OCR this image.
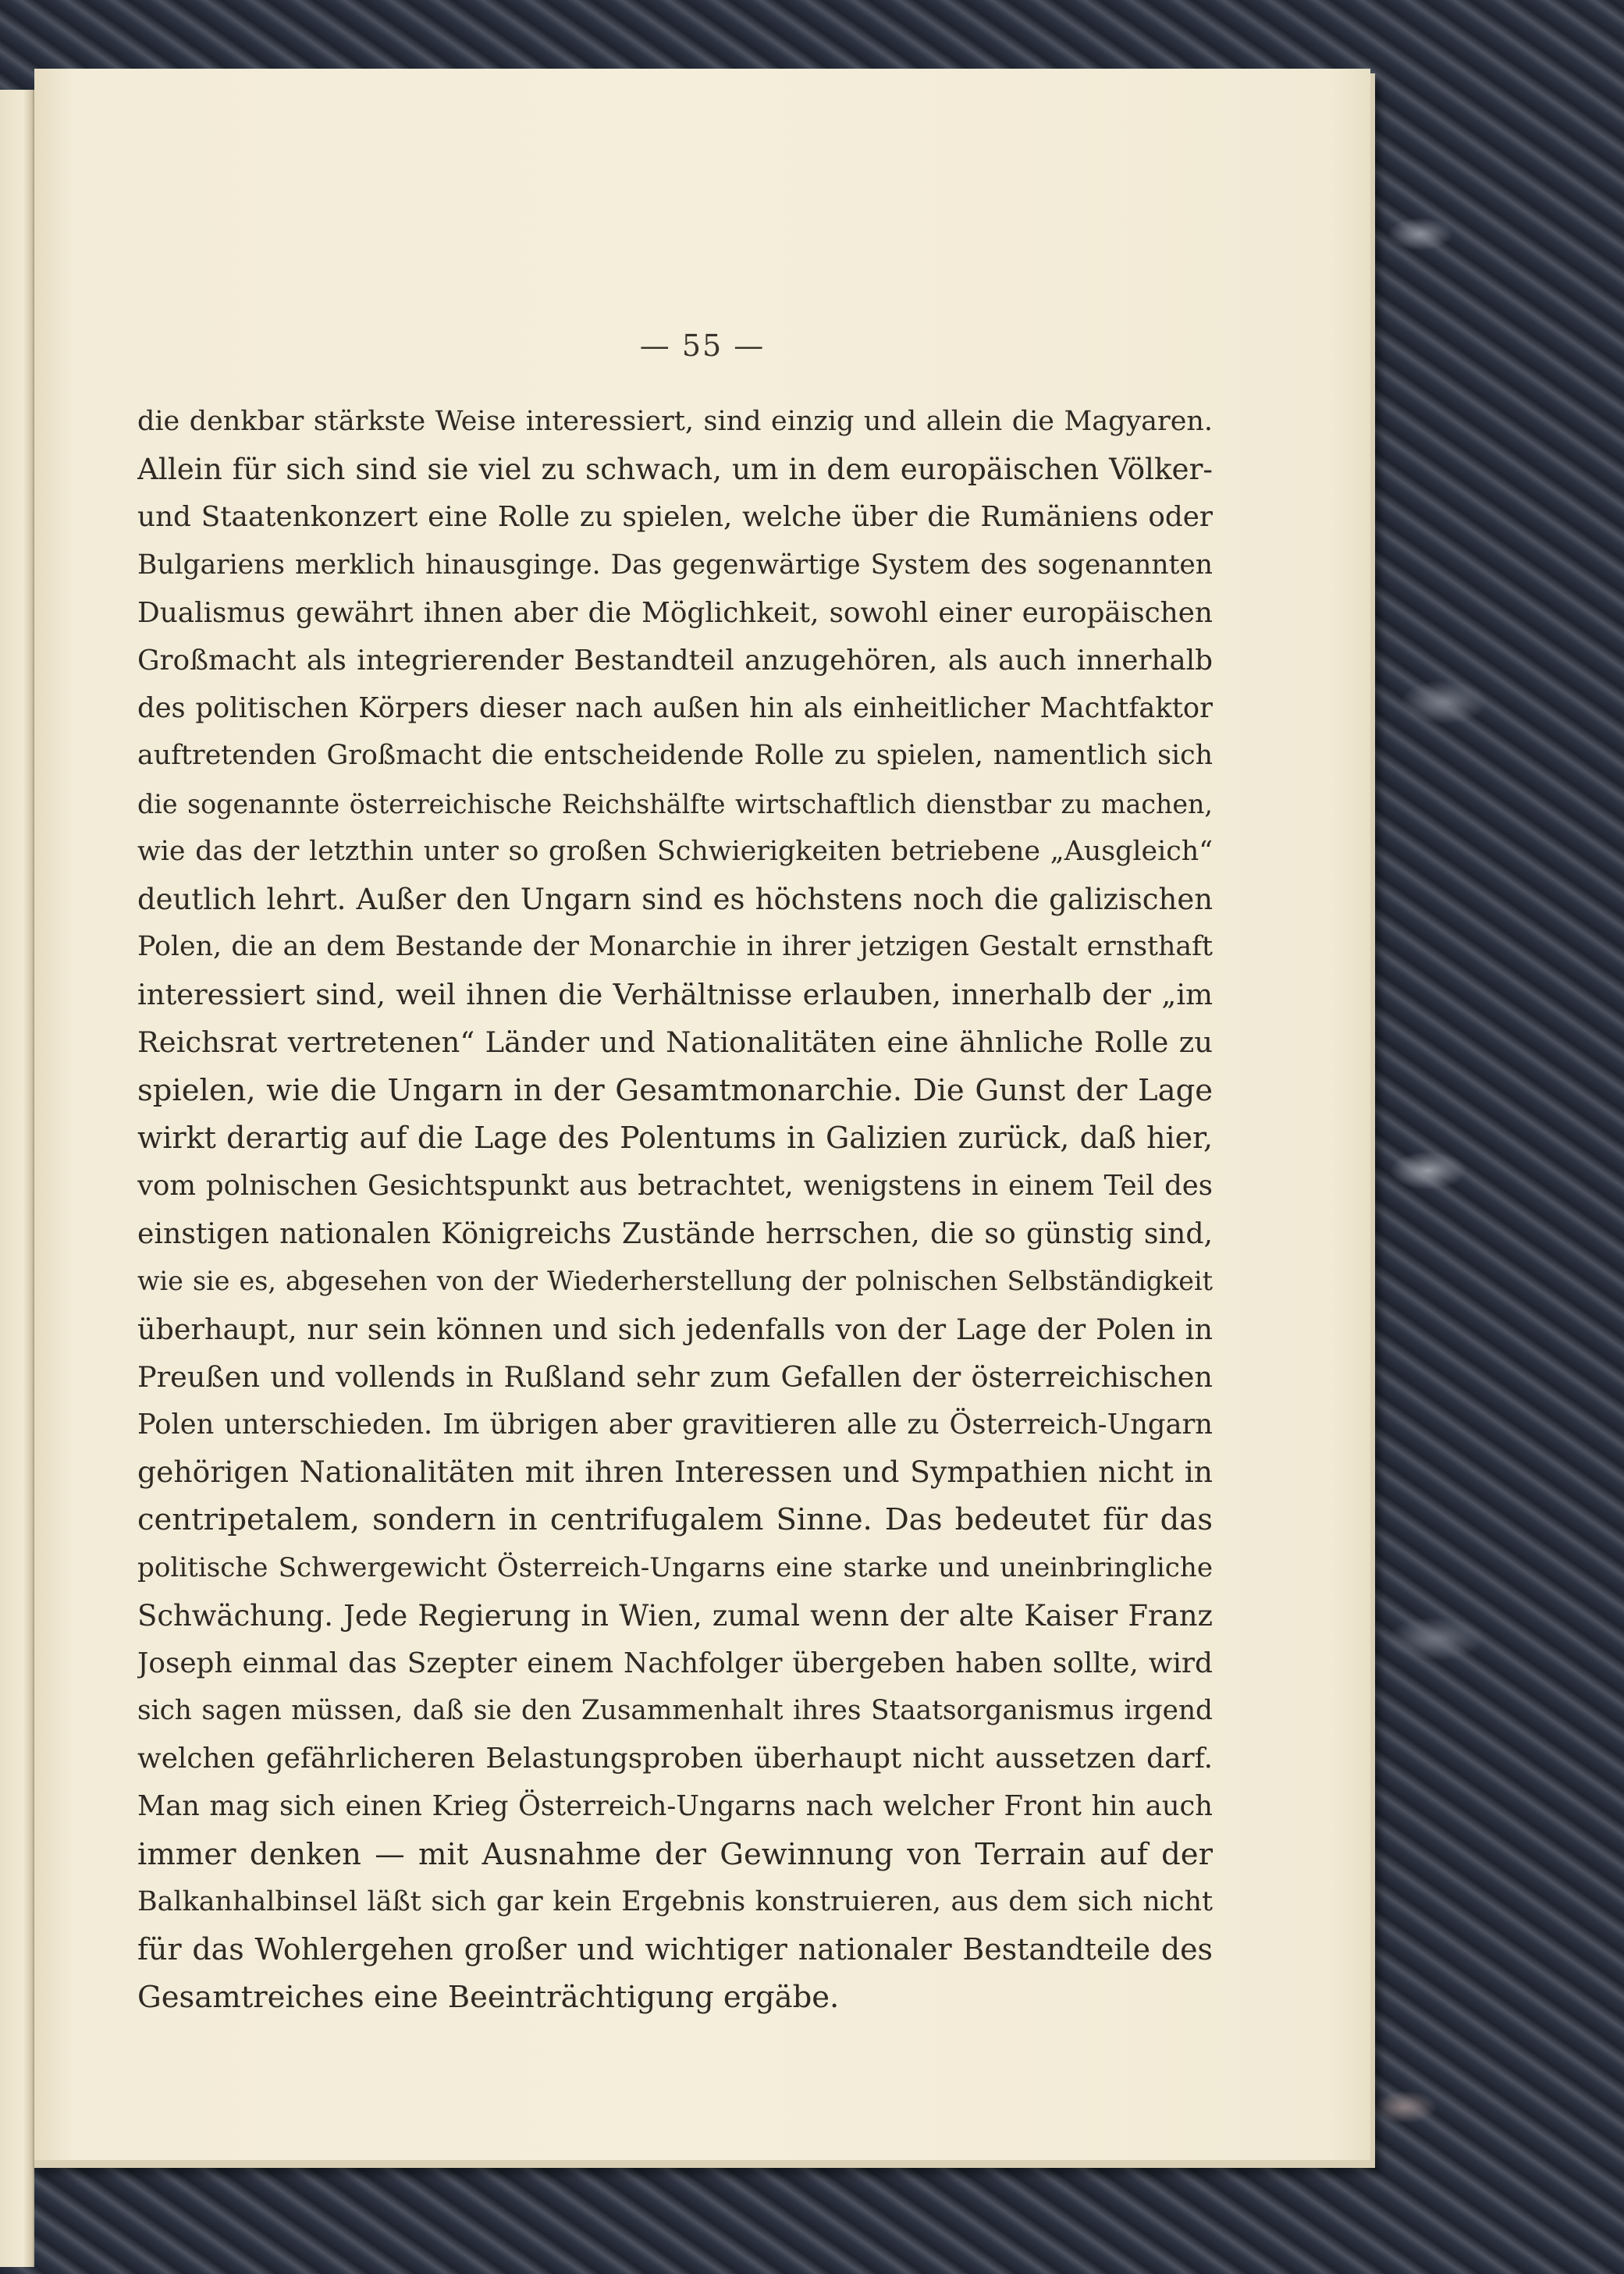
— 55 —
die denkbar stärkste Weise interessiert, sind einzig und allein die Magyaren.
Allein für sich sind sie viel zu schwach, um in dem europäischen Völker-
und Staatenkonzert eine Rolle zu spielen, welche über die Rumäniens oder
Bulgariens merklich hinausginge. Das gegenwärtige System des sogenannten
Dualismus gewährt ihnen aber die Möglichkeit, sowohl einer europäischen
Großmacht als integrierender Bestandteil anzugehören, als auch innerhalb
des politischen Körpers dieser nach außen hin als einheitlicher Machtfaktor
auftretenden Großmacht die entscheidende Rolle zu spielen, namentlich sich
die sogenannte österreichische Reichshälfte wirtschaftlich dienstbar zu machen,
wie das der letzthin unter so großen Schwierigkeiten betriebene „Ausgleich“
deutlich lehrt. Außer den Ungarn sind es höchstens noch die galizischen
Polen, die an dem Bestande der Monarchie in ihrer jetzigen Gestalt ernsthaft
interessiert sind, weil ihnen die Verhältnisse erlauben, innerhalb der „im
Reichsrat vertretenen“ Länder und Nationalitäten eine ähnliche Rolle zu
spielen, wie die Ungarn in der Gesamtmonarchie. Die Gunst der Lage
wirkt derartig auf die Lage des Polentums in Galizien zurück, daß hier,
vom polnischen Gesichtspunkt aus betrachtet, wenigstens in einem Teil des
einstigen nationalen Königreichs Zustände herrschen, die so günstig sind,
wie sie es, abgesehen von der Wiederherstellung der polnischen Selbständigkeit
überhaupt, nur sein können und sich jedenfalls von der Lage der Polen in
Preußen und vollends in Rußland sehr zum Gefallen der österreichischen
Polen unterschieden. Im übrigen aber gravitieren alle zu Österreich-Ungarn
gehörigen Nationalitäten mit ihren Interessen und Sympathien nicht in
centripetalem, sondern in centrifugalem Sinne. Das bedeutet für das
politische Schwergewicht Österreich-Ungarns eine starke und uneinbringliche
Schwächung. Jede Regierung in Wien, zumal wenn der alte Kaiser Franz
Joseph einmal das Szepter einem Nachfolger übergeben haben sollte, wird
sich sagen müssen, daß sie den Zusammenhalt ihres Staatsorganismus irgend
welchen gefährlicheren Belastungsproben überhaupt nicht aussetzen darf.
Man mag sich einen Krieg Österreich-Ungarns nach welcher Front hin auch
immer denken — mit Ausnahme der Gewinnung von Terrain auf der
Balkanhalbinsel läßt sich gar kein Ergebnis konstruieren, aus dem sich nicht
für das Wohlergehen großer und wichtiger nationaler Bestandteile des
Gesamtreiches eine Beeinträchtigung ergäbe.
